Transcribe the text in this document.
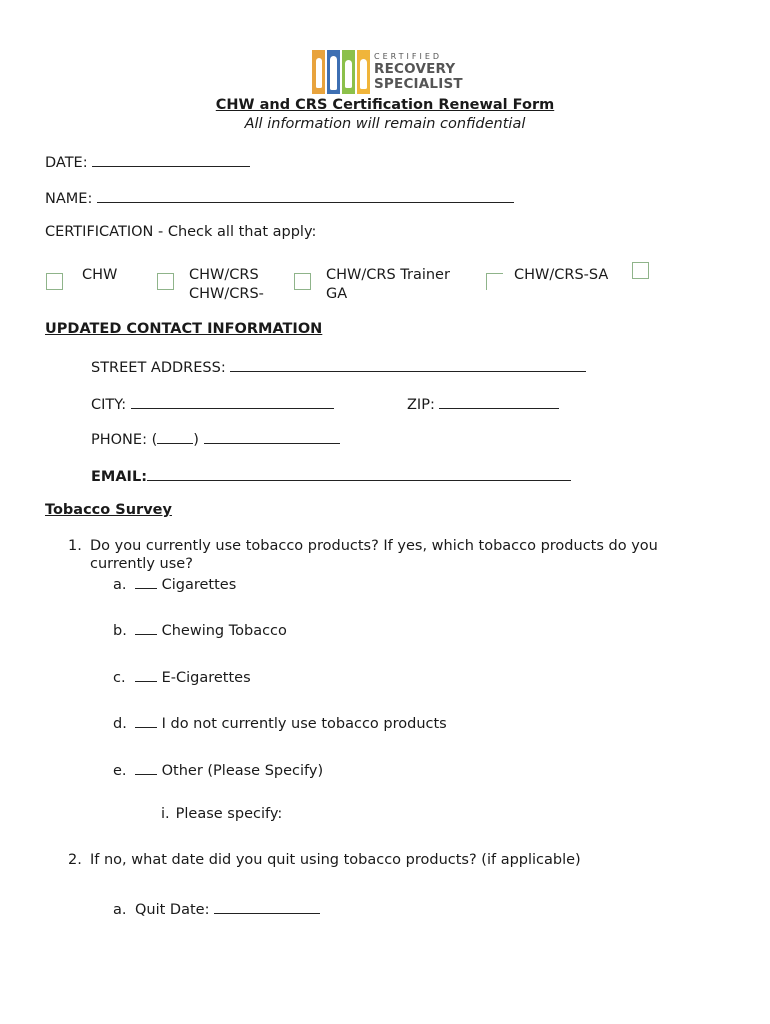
CERTIFIED
RECOVERY
SPECIALIST
CHW and CRS Certification Renewal Form
All information will remain confidential
DATE:
NAME:
CERTIFICATION - Check all that apply:
CHW	CHW/CRS
CHW/CRS-
CHW/CRS Trainer
GA
CHW/CRS-SA
UPDATED CONTACT INFORMATION
STREET ADDRESS:
CITY:	ZIP:
PHONE: ( )
EMAIL:
Tobacco Survey
1. Do you currently use tobacco products? If yes, which tobacco products do you
currently use?
a. Cigarettes
b. Chewing Tobacco
c. E-Cigarettes
d. I do not currently use tobacco products
e. Other (Please Specify)
i. Please specify:
2. If no, what date did you quit using tobacco products? (if applicable)
a. Quit Date:
